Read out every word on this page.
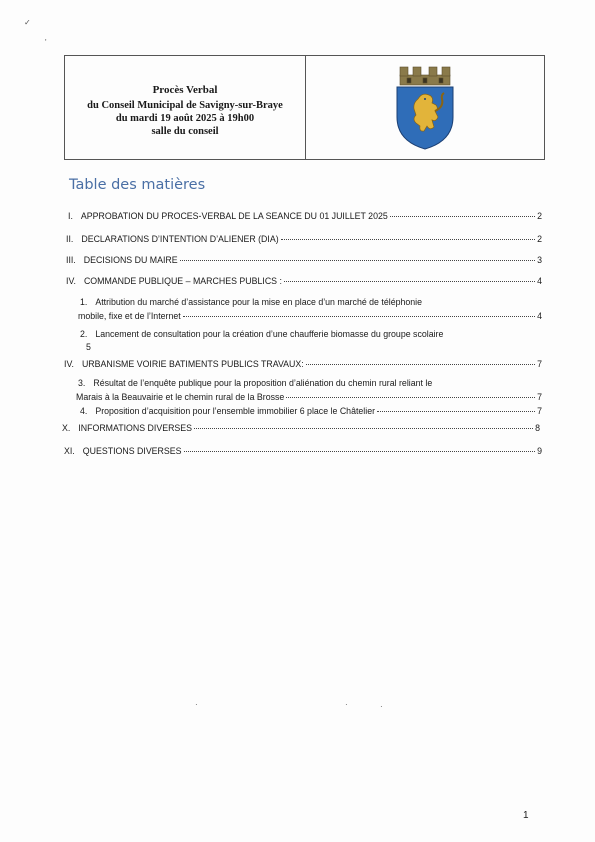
✓
'
Procès Verbal
du Conseil Municipal de Savigny-sur-Braye
du mardi 19 août 2025 à 19h00
salle du conseil
Table des matières
I. APPROBATION DU PROCES-VERBAL DE LA SEANCE DU 01 JUILLET 2025	2
II. DECLARATIONS D’INTENTION D’ALIENER (DIA)	2
III. DECISIONS DU MAIRE	3
IV. COMMANDE PUBLIQUE – MARCHES PUBLICS :	4
1. Attribution du marché d’assistance pour la mise en place d’un marché de téléphonie
mobile, fixe et de l’Internet	4
2. Lancement de consultation pour la création d’une chaufferie biomasse du groupe scolaire
5
IV. URBANISME VOIRIE BATIMENTS PUBLICS TRAVAUX:	7
3. Résultat de l’enquête publique pour la proposition d’aliénation du chemin rural reliant le
Marais à la Beauvairie et le chemin rural de la Brosse	7
4. Proposition d’acquisition pour l’ensemble immobilier 6 place le Châtelier	7
X. INFORMATIONS DIVERSES	8
XI. QUESTIONS DIVERSES	9
·	·	·
1
